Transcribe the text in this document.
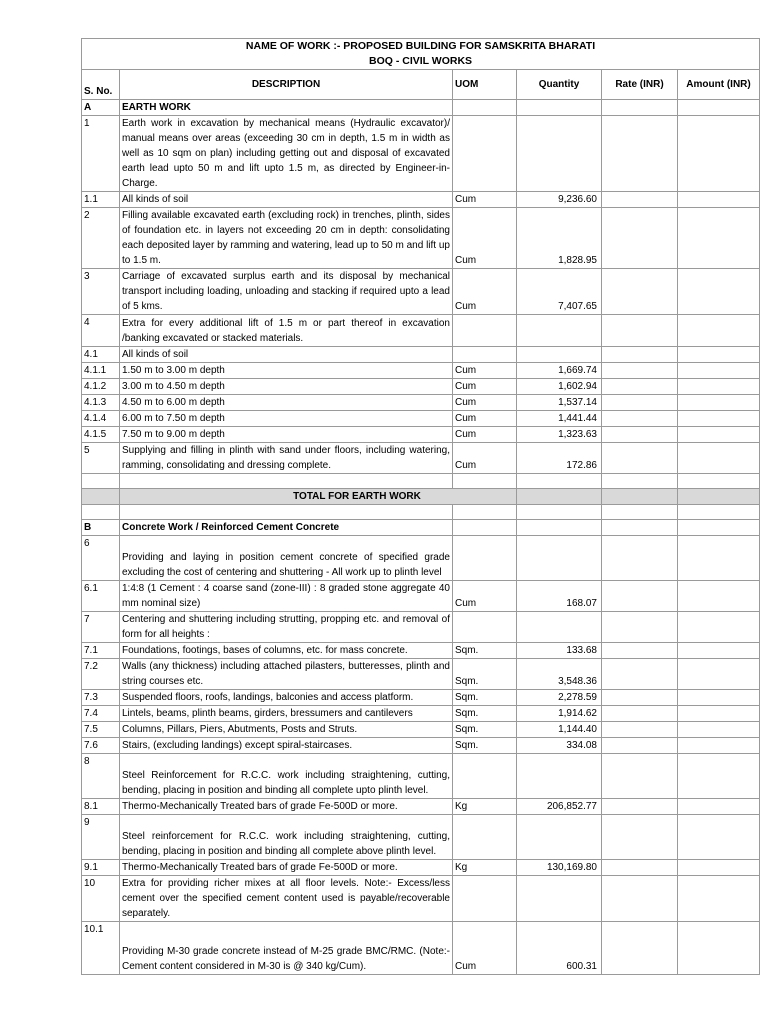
NAME OF WORK :- PROPOSED BUILDING FOR SAMSKRITA BHARATI
BOQ - CIVIL WORKS					

S. No.	DESCRIPTION	UOM	Quantity	Rate (INR)	Amount (INR)
A	EARTH WORK				
1	Earth work in excavation by mechanical means (Hydraulic excavator)/ manual means over areas (exceeding 30 cm in depth, 1.5 m in width as well as 10 sqm on plan) including getting out and disposal of excavated earth lead upto 50 m and lift upto 1.5 m, as directed by Engineer-in-Charge.				
1.1	All kinds of soil	Cum	9,236.60		
2	Filling available excavated earth (excluding rock) in trenches, plinth, sides of foundation etc. in layers not exceeding 20 cm in depth: consolidating each deposited layer by ramming and watering, lead up to 50 m and lift up to 1.5 m.	Cum	1,828.95		
3	Carriage of excavated surplus earth and its disposal by mechanical transport including loading, unloading and stacking if required upto a lead of 5 kms.	Cum	7,407.65		
4	Extra for every additional lift of 1.5 m or part thereof in excavation /banking excavated or stacked materials.				
4.1	All kinds of soil				
4.1.1	1.50 m to 3.00 m depth	Cum	1,669.74		
4.1.2	3.00 m to 4.50 m depth	Cum	1,602.94		
4.1.3	4.50 m to 6.00 m depth	Cum	1,537.14		
4.1.4	6.00 m to 7.50 m depth	Cum	1,441.44		
4.1.5	7.50 m to 9.00 m depth	Cum	1,323.63		
5	Supplying and filling in plinth with sand under floors, including watering, ramming, consolidating and dressing complete.	Cum	172.86		

	TOTAL FOR EARTH WORK				

B	Concrete Work / Reinforced Cement Concrete				
6	Providing and laying in position cement concrete of specified grade excluding the cost of centering and shuttering - All work up to plinth level				
6.1	1:4:8 (1 Cement : 4 coarse sand (zone-III) : 8 graded stone aggregate 40 mm nominal size)	Cum	168.07		
7	Centering and shuttering including strutting, propping etc. and removal of form for all heights :				
7.1	Foundations, footings, bases of columns, etc. for mass concrete.	Sqm.	133.68		
7.2	Walls (any thickness) including attached pilasters, butteresses, plinth and string courses etc.	Sqm.	3,548.36		
7.3	Suspended floors, roofs, landings, balconies and access platform.	Sqm.	2,278.59		
7.4	Lintels, beams, plinth beams, girders, bressumers and cantilevers	Sqm.	1,914.62		
7.5	Columns, Pillars, Piers, Abutments, Posts and Struts.	Sqm.	1,144.40		
7.6	Stairs, (excluding landings) except spiral-staircases.	Sqm.	334.08		
8	Steel Reinforcement for R.C.C. work including straightening, cutting, bending, placing in position and binding all complete upto plinth level.				
8.1	Thermo-Mechanically Treated bars of grade Fe-500D or more.	Kg	206,852.77		
9	Steel reinforcement for R.C.C. work including straightening, cutting, bending, placing in position and binding all complete above plinth level.				
9.1	Thermo-Mechanically Treated bars of grade Fe-500D or more.	Kg	130,169.80		
10	Extra for providing richer mixes at all floor levels. Note:- Excess/less cement over the specified cement content used is payable/recoverable separately.				
10.1	Providing M-30 grade concrete instead of M-25 grade BMC/RMC. (Note:- Cement content considered in M-30 is @ 340 kg/Cum).	Cum	600.31		
